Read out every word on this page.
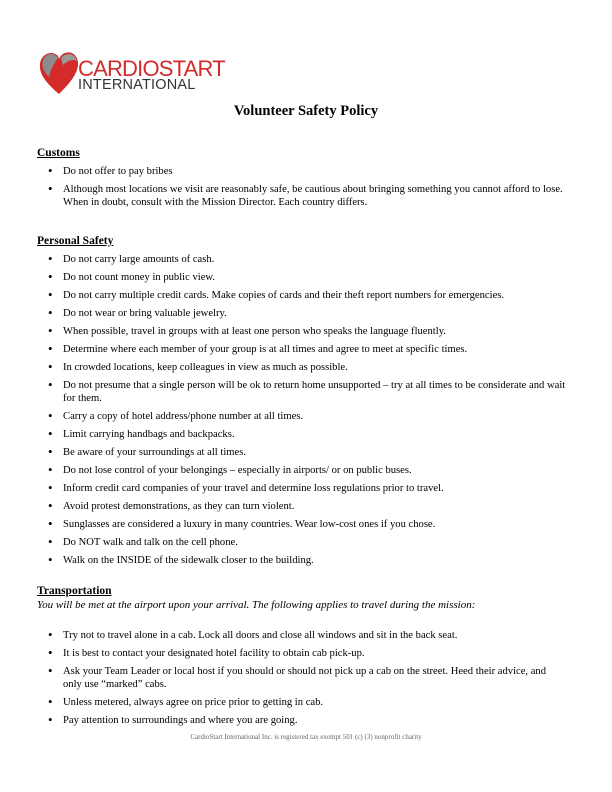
CARDIOSTART
INTERNATIONAL
Volunteer Safety Policy
Customs
• Do not offer to pay bribes
• Although most locations we visit are reasonably safe, be cautious about bringing something you cannot afford to lose. When in doubt, consult with the Mission Director. Each country differs.
Personal Safety
• Do not carry large amounts of cash.
• Do not count money in public view.
• Do not carry multiple credit cards. Make copies of cards and their theft report numbers for emergencies.
• Do not wear or bring valuable jewelry.
• When possible, travel in groups with at least one person who speaks the language fluently.
• Determine where each member of your group is at all times and agree to meet at specific times.
• In crowded locations, keep colleagues in view as much as possible.
• Do not presume that a single person will be ok to return home unsupported – try at all times to be considerate and wait for them.
• Carry a copy of hotel address/phone number at all times.
• Limit carrying handbags and backpacks.
• Be aware of your surroundings at all times.
• Do not lose control of your belongings – especially in airports/ or on public buses.
• Inform credit card companies of your travel and determine loss regulations prior to travel.
• Avoid protest demonstrations, as they can turn violent.
• Sunglasses are considered a luxury in many countries. Wear low-cost ones if you chose.
• Do NOT walk and talk on the cell phone.
• Walk on the INSIDE of the sidewalk closer to the building.
Transportation

You will be met at the airport upon your arrival. The following applies to travel during the mission:

• Try not to travel alone in a cab. Lock all doors and close all windows and sit in the back seat.
• It is best to contact your designated hotel facility to obtain cab pick-up.
• Ask your Team Leader or local host if you should or should not pick up a cab on the street. Heed their advice, and only use “marked” cabs.
• Unless metered, always agree on price prior to getting in cab.
• Pay attention to surroundings and where you are going.
CardioStart International Inc. is registered tax exempt 501 (c) (3) nonprofit charity
